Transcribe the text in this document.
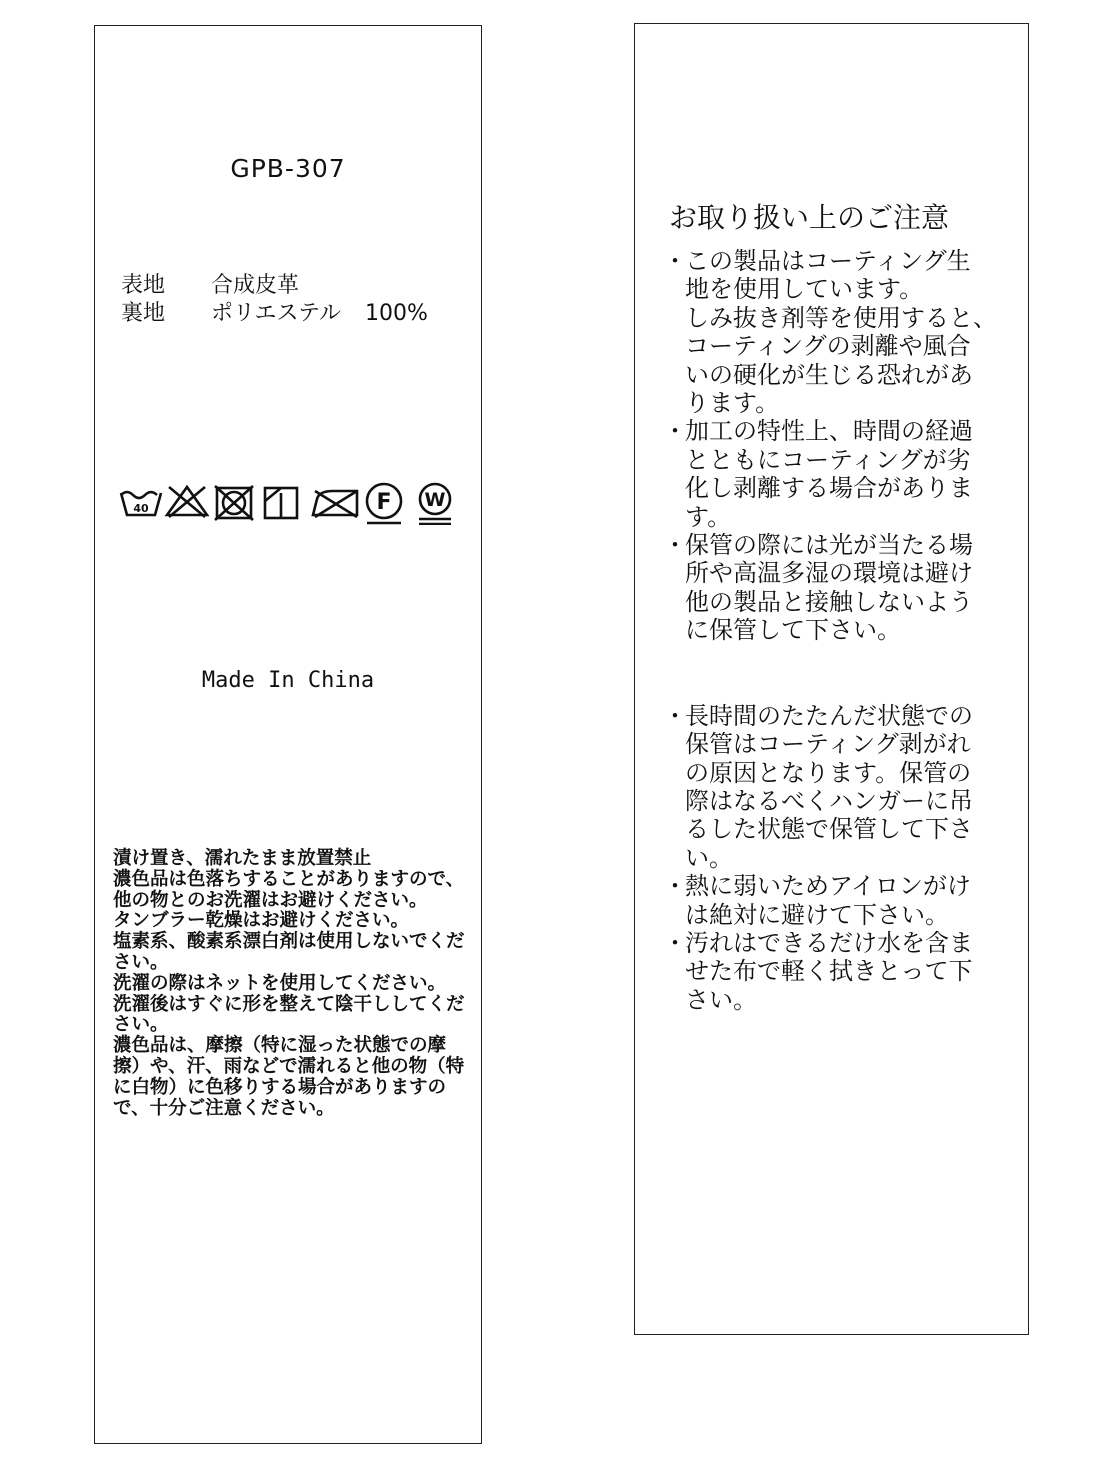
GPB-307
表地 合成皮革
裏地 ポリエステル 100%
40	F W
Made In China

漬け置き、濡れたまま放置禁止

濃色品は色落ちすることがありますので、他の物とのお洗濯はお避けください。

タンブラー乾燥はお避けください。

塩素系、酸素系漂白剤は使用しないでください。

洗濯の際はネットを使用してください。

洗濯後はすぐに形を整えて陰干ししてください。

濃色品は、摩擦（特に湿った状態での摩擦）や、汗、雨などで濡れると他の物（特に白物）に色移りする場合がありますので、十分ご注意ください。

お取り扱い上のご注意
・
この製品はコーティング生
地を使用しています。
しみ抜き剤等を使用すると、
コーティングの剥離や風合
いの硬化が生じる恐れがあ
ります。
・
加工の特性上、時間の経過
とともにコーティングが劣
化し剥離する場合がありま
す。
・
保管の際には光が当たる場
所や高温多湿の環境は避け
他の製品と接触しないよう
に保管して下さい。
・
長時間のたたんだ状態での
保管はコーティング剥がれ
の原因となります。保管の
際はなるべくハンガーに吊
るした状態で保管して下さ
い。
・
熱に弱いためアイロンがけ
は絶対に避けて下さい。
・
汚れはできるだけ水を含ま
せた布で軽く拭きとって下
さい。
